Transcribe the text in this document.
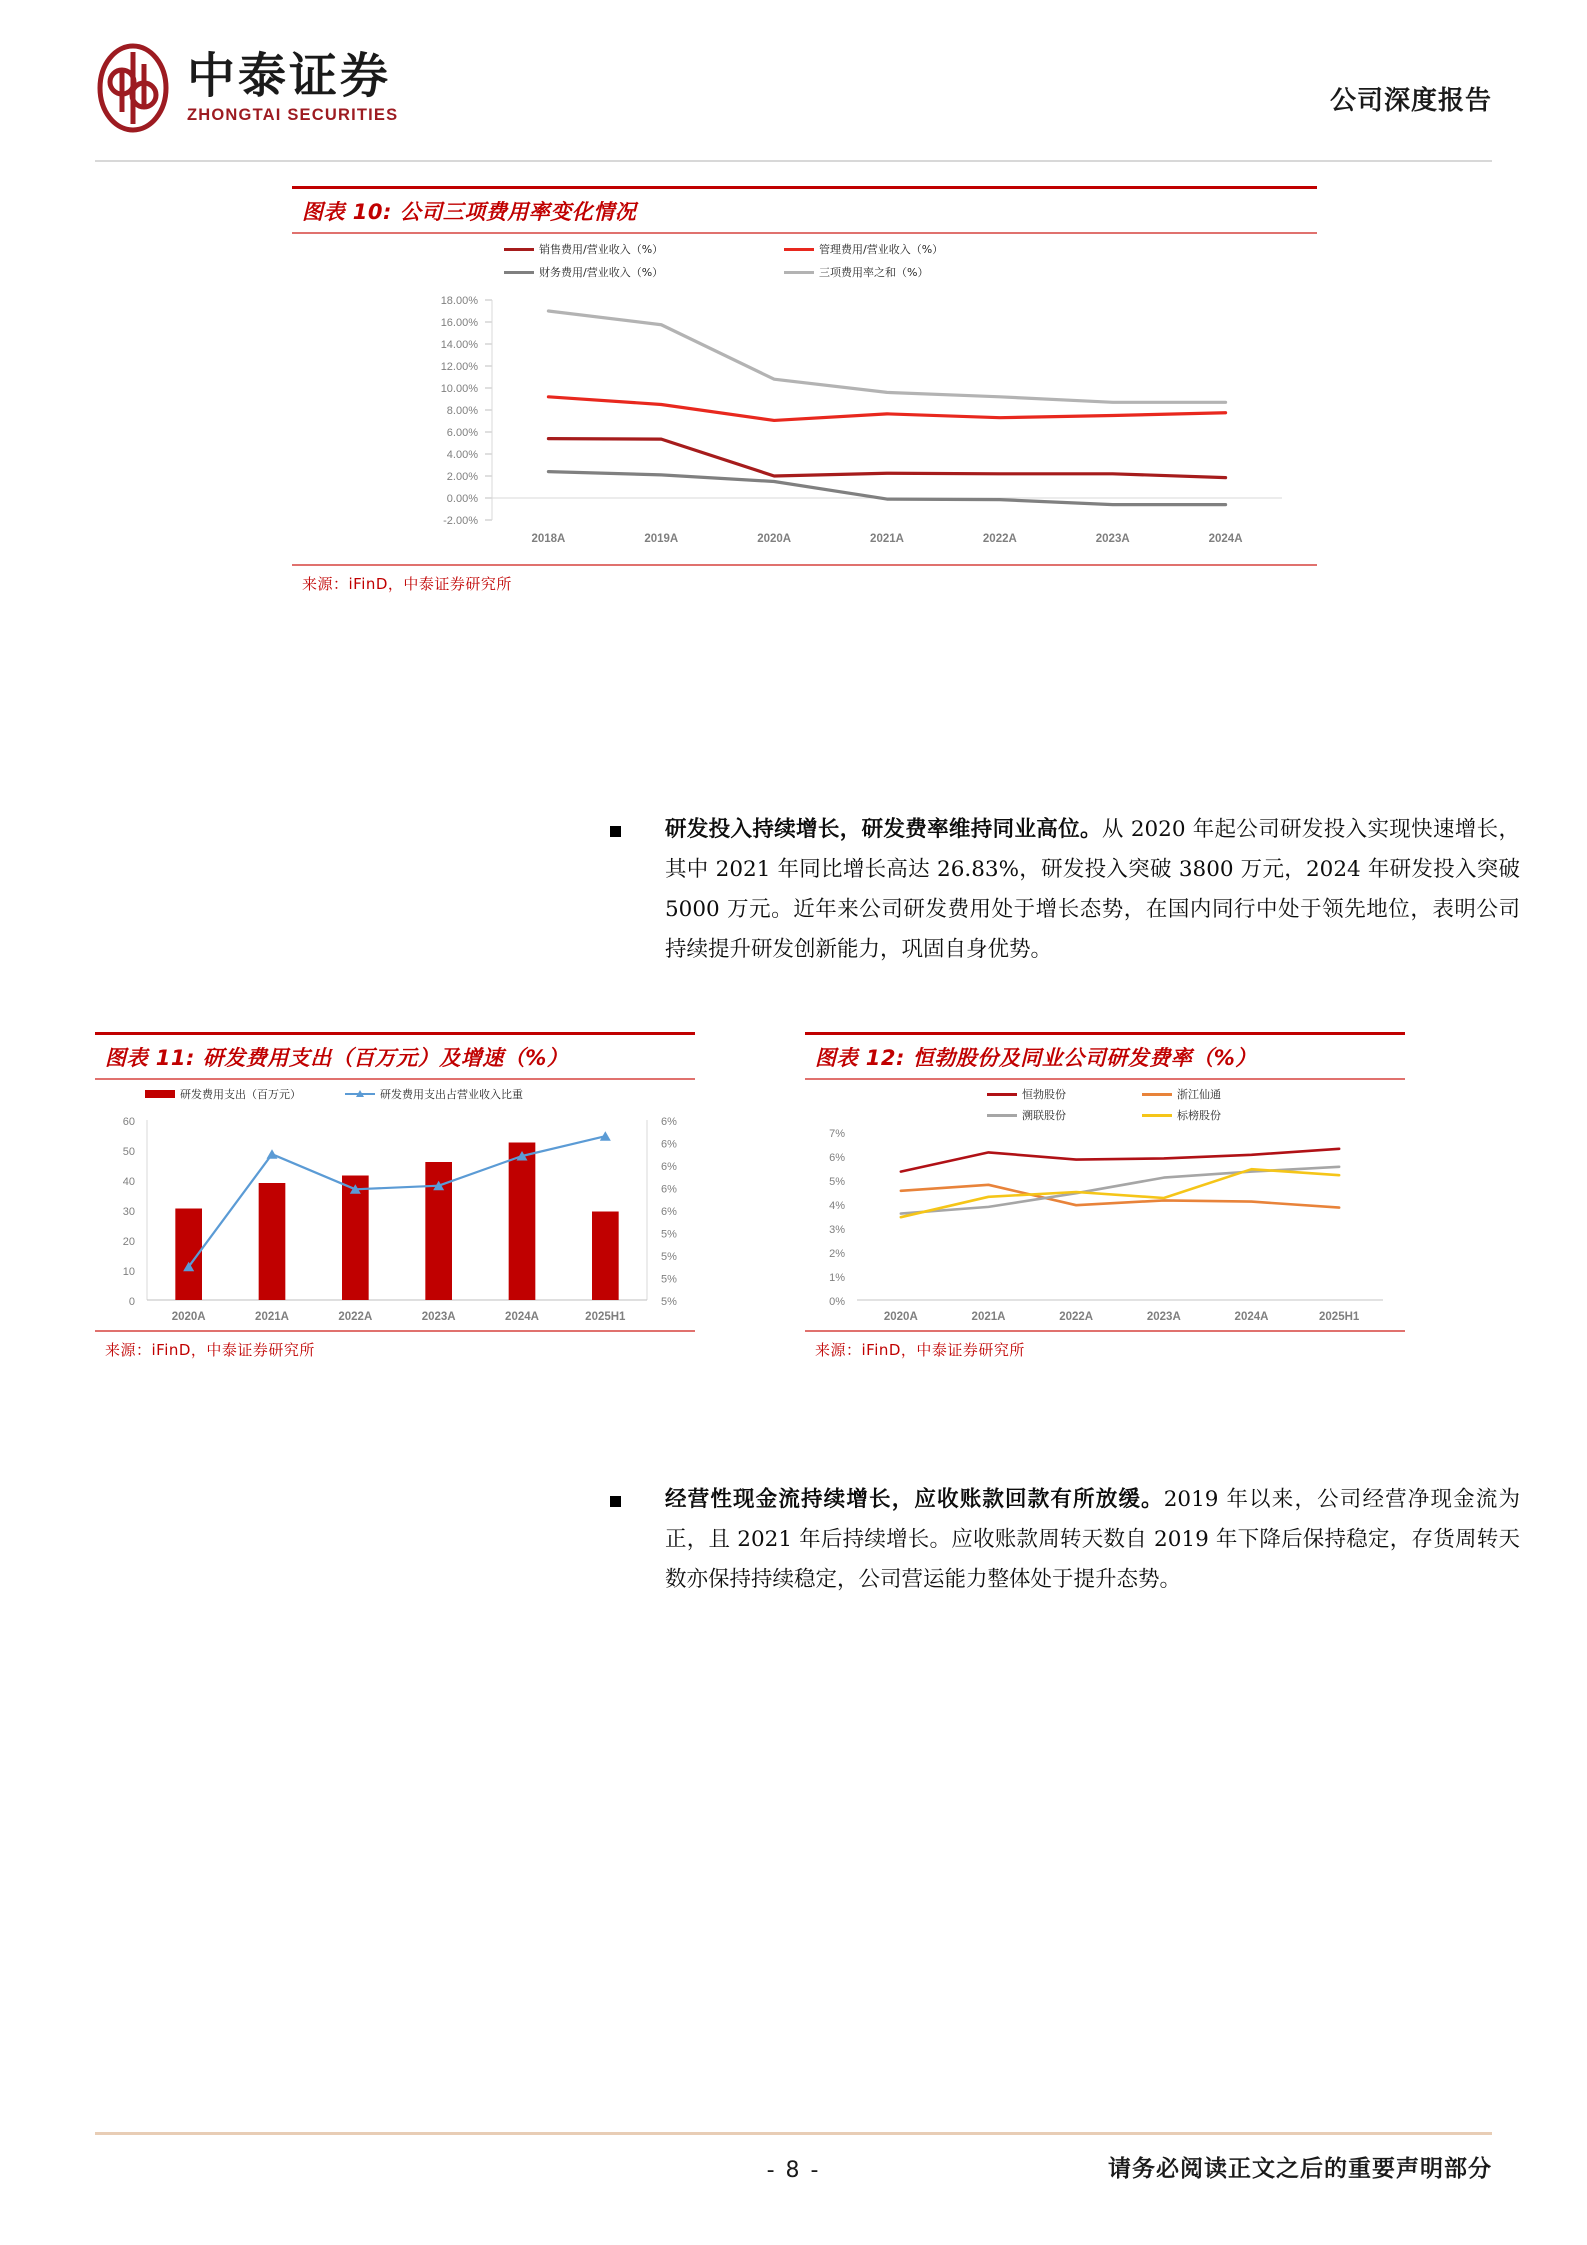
中泰证券
ZHONGTAI SECURITIES	公司深度报告
图表 10: 公司三项费用率变化情况
销售费用/营业收入（%）	管理费用/营业收入（%）
财务费用/营业收入（%）	三项费用率之和（%）
18.00%
16.00%
14.00%
12.00%
10.00%
8.00%
6.00%
4.00%
2.00%
0.00%
-2.00%
2018A	2019A	2020A	2021A	2022A	2023A	2024A
来源：iFinD，中泰证券研究所
研发投入持续增长，研发费率维持同业高位。从 2020 年起公司研发投入实现快速增长，其中 2021 年同比增长高达 26.83%，研发投入突破 3800 万元，2024 年研发投入突破 5000 万元。近年来公司研发费用处于增长态势，在国内同行中处于领先地位，表明公司持续提升研发创新能力，巩固自身优势。
图表 11: 研发费用支出（百万元）及增速（%）
研发费用支出（百万元）	研发费用支出占营业收入比重
60
50
40
30
20
10
0
6%
6%
6%
6%
6%
5%
5%
5%
5%
2020A	2021A	2022A	2023A	2024A	2025H1
来源：iFinD，中泰证券研究所
图表 12: 恒勃股份及同业公司研发费率（%）
恒勃股份	浙江仙通
溯联股份	标榜股份
7%
6%
5%
4%
3%
2%
1%
0%
2020A	2021A	2022A	2023A	2024A	2025H1
来源：iFinD，中泰证券研究所
经营性现金流持续增长，应收账款回款有所放缓。2019 年以来，公司经营净现金流为正，且 2021 年后持续增长。应收账款周转天数自 2019 年下降后保持稳定，存货周转天数亦保持持续稳定，公司营运能力整体处于提升态势。
- 8 -	请务必阅读正文之后的重要声明部分
